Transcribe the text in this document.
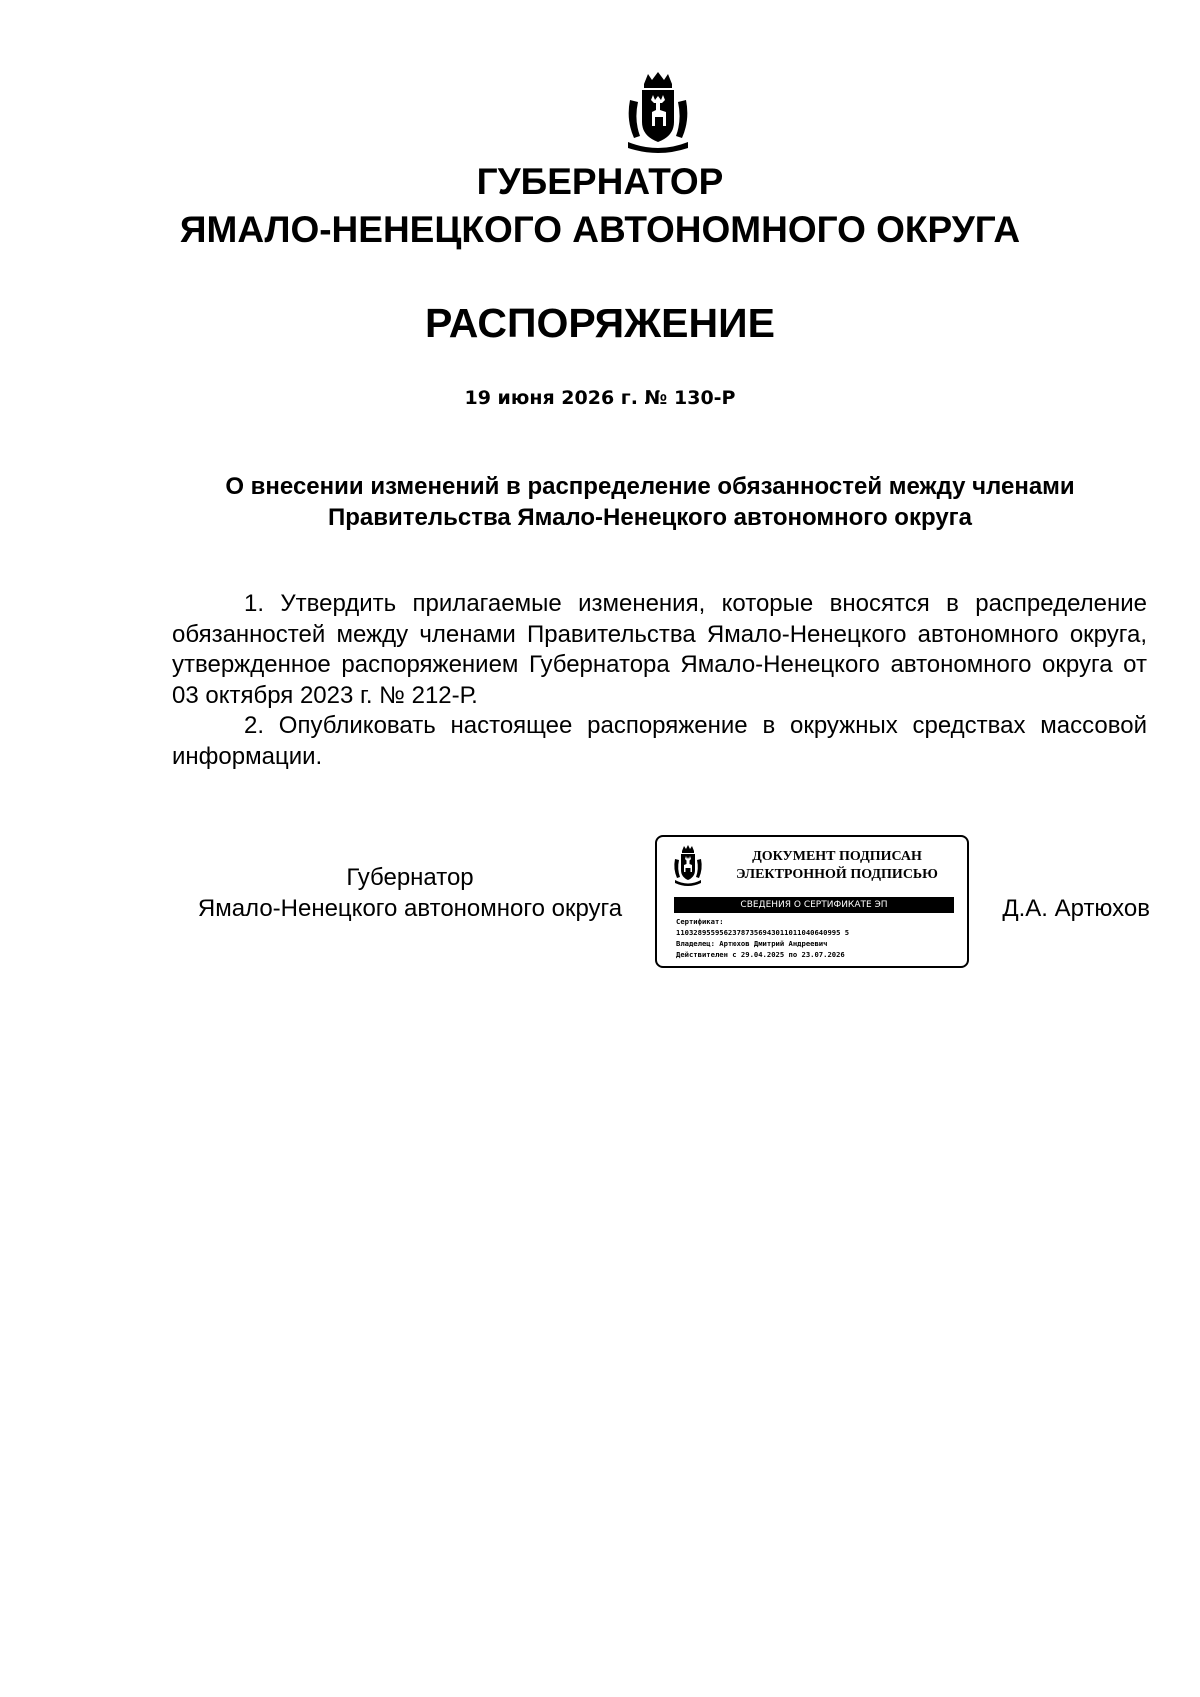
ГУБЕРНАТОР
ЯМАЛО-НЕНЕЦКОГО АВТОНОМНОГО ОКРУГА
РАСПОРЯЖЕНИЕ
19 июня 2026 г. № 130-Р
О внесении изменений в распределение обязанностей между членами
Правительства Ямало-Ненецкого автономного округа

1. Утвердить прилагаемые изменения, которые вносятся в распределение обязанностей между членами Правительства Ямало-Ненецкого автономного округа, утвержденное распоряжением Губернатора Ямало-Ненецкого автономного округа от 03 октября 2023 г. № 212-Р.

2. Опубликовать настоящее распоряжение в окружных средствах массовой информации.

Губернатор
Ямало-Ненецкого автономного округа
ДОКУМЕНТ ПОДПИСАН
ЭЛЕКТРОННОЙ ПОДПИСЬЮ
СВЕДЕНИЯ О СЕРТИФИКАТЕ ЭП
Сертификат:
11032895595623787356943011011040640995 5
Владелец: Артюхов Дмитрий Андреевич
Действителен с 29.04.2025 по 23.07.2026
Д.А. Артюхов
